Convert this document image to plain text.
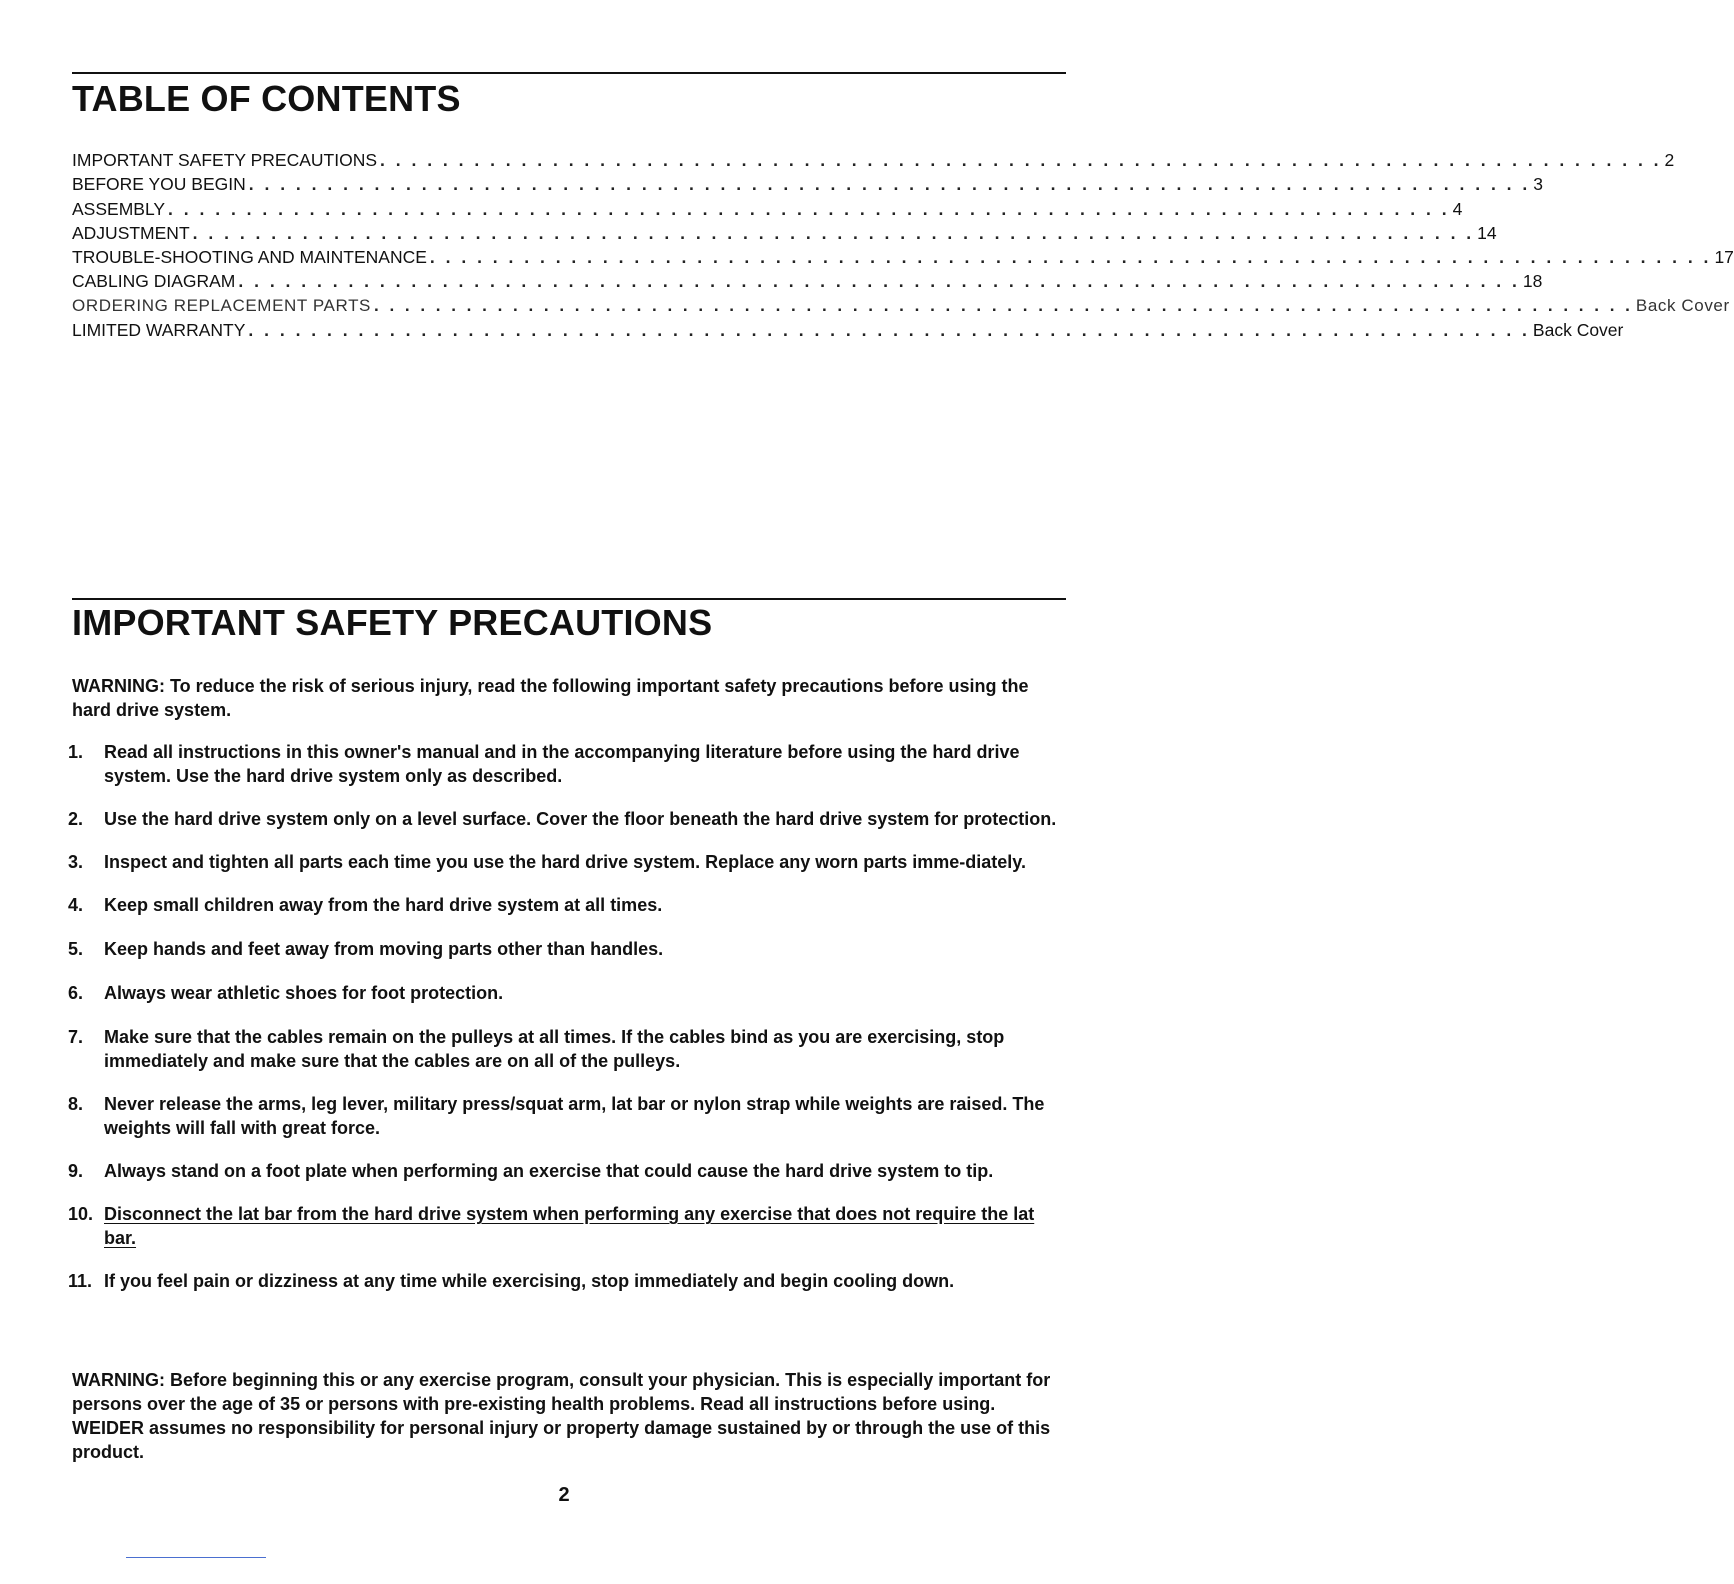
TABLE OF CONTENTS
IMPORTANT SAFETY PRECAUTIONS . . . . . . . . . . . . . . . . . . . . . . . . . . . . . . . . . . . . . . . . . . . . . . . . . . . . . . . . . . . . . . . . . . . . . . . . . . . . . . . . . . 2
BEFORE YOU BEGIN . . . . . . . . . . . . . . . . . . . . . . . . . . . . . . . . . . . . . . . . . . . . . . . . . . . . . . . . . . . . . . . . . . . . . . . . . . . . . . . . . . 3
ASSEMBLY . . . . . . . . . . . . . . . . . . . . . . . . . . . . . . . . . . . . . . . . . . . . . . . . . . . . . . . . . . . . . . . . . . . . . . . . . . . . . . . . . . 4
ADJUSTMENT . . . . . . . . . . . . . . . . . . . . . . . . . . . . . . . . . . . . . . . . . . . . . . . . . . . . . . . . . . . . . . . . . . . . . . . . . . . . . . . . . . 14
TROUBLE-SHOOTING AND MAINTENANCE . . . . . . . . . . . . . . . . . . . . . . . . . . . . . . . . . . . . . . . . . . . . . . . . . . . . . . . . . . . . . . . . . . . . . . . . . . . . . . . . . . 17
CABLING DIAGRAM . . . . . . . . . . . . . . . . . . . . . . . . . . . . . . . . . . . . . . . . . . . . . . . . . . . . . . . . . . . . . . . . . . . . . . . . . . . . . . . . . . 18
ORDERING REPLACEMENT PARTS . . . . . . . . . . . . . . . . . . . . . . . . . . . . . . . . . . . . . . . . . . . . . . . . . . . . . . . . . . . . . . . . . . . . . . . . . . . . . . . . . . Back Cover
LIMITED WARRANTY . . . . . . . . . . . . . . . . . . . . . . . . . . . . . . . . . . . . . . . . . . . . . . . . . . . . . . . . . . . . . . . . . . . . . . . . . . . . . . . . . . Back Cover
IMPORTANT SAFETY PRECAUTIONS

WARNING: To reduce the risk of serious injury, read the following important safety precautions before using the hard drive system.

1. Read all instructions in this owner's manual and in the accompanying literature before using the hard drive system. Use the hard drive system only as described.
2. Use the hard drive system only on a level surface. Cover the floor beneath the hard drive system for protection.
3. Inspect and tighten all parts each time you use the hard drive system. Replace any worn parts imme-diately.
4. Keep small children away from the hard drive system at all times.
5. Keep hands and feet away from moving parts other than handles.
6. Always wear athletic shoes for foot protection.
7. Make sure that the cables remain on the pulleys at all times. If the cables bind as you are exercising, stop immediately and make sure that the cables are on all of the pulleys.
8. Never release the arms, leg lever, military press/squat arm, lat bar or nylon strap while weights are raised. The weights will fall with great force.
9. Always stand on a foot plate when performing an exercise that could cause the hard drive system to tip.
10. Disconnect the lat bar from the hard drive system when performing any exercise that does not require the lat bar.
11. If you feel pain or dizziness at any time while exercising, stop immediately and begin cooling down.

WARNING: Before beginning this or any exercise program, consult your physician. This is especially important for persons over the age of 35 or persons with pre-existing health problems. Read all instructions before using. WEIDER assumes no responsibility for personal injury or property damage sustained by or through the use of this product.

2
